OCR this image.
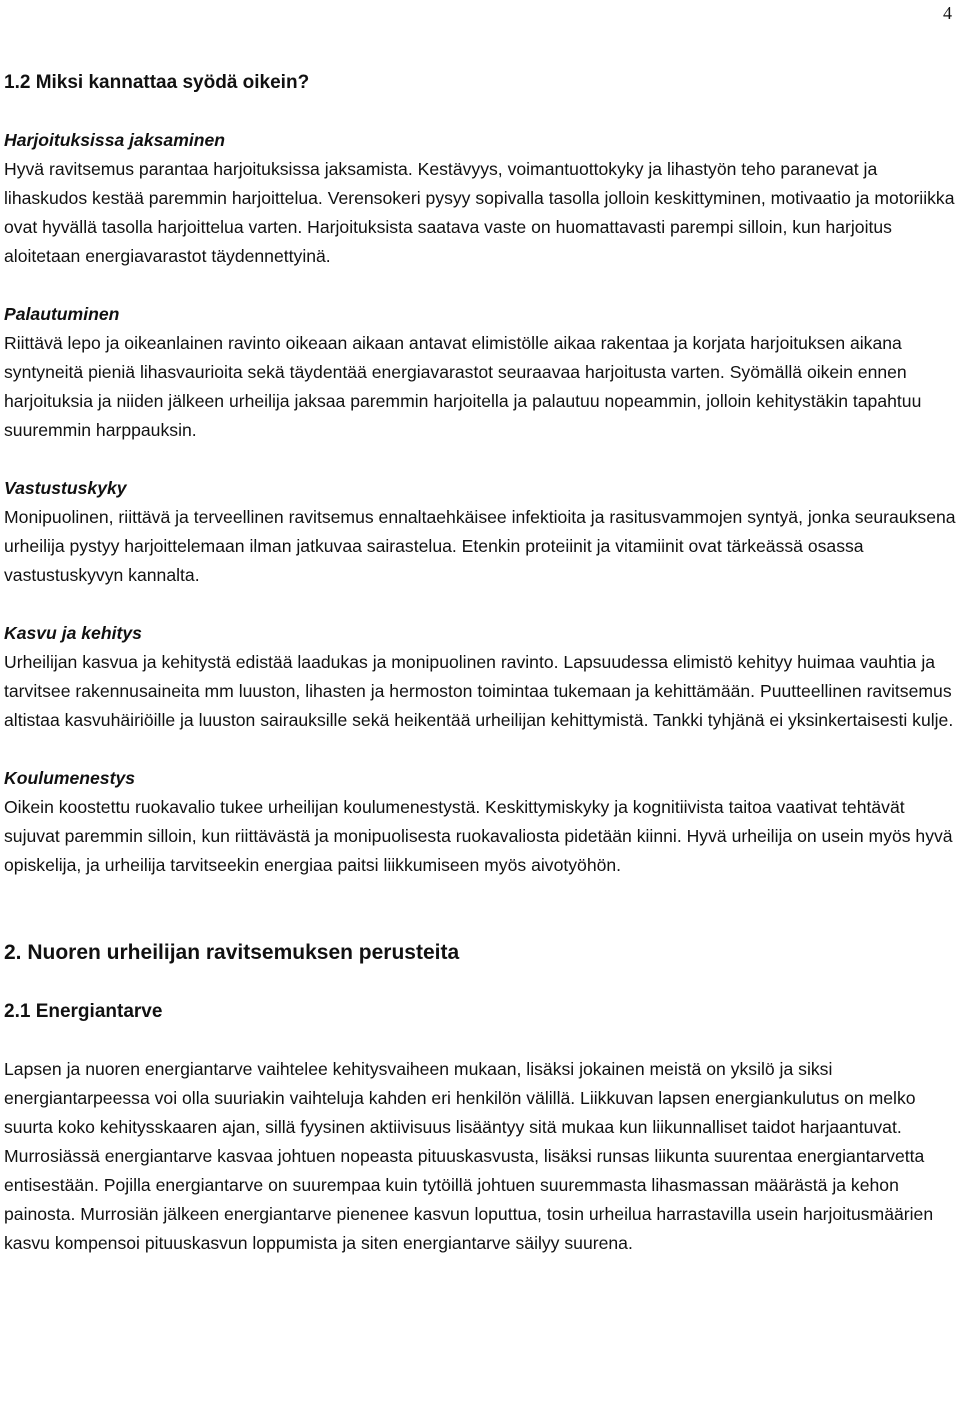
4
1.2 Miksi kannattaa syödä oikein?

Harjoituksissa jaksaminen

Hyvä ravitsemus parantaa harjoituksissa jaksamista. Kestävyys, voimantuottokyky ja lihastyön teho paranevat ja lihaskudos kestää paremmin harjoittelua. Verensokeri pysyy sopivalla tasolla jolloin keskittyminen, motivaatio ja motoriikka ovat hyvällä tasolla harjoittelua varten. Harjoituksista saatava vaste on huomattavasti parempi silloin, kun harjoitus aloitetaan energiavarastot täydennettyinä.

Palautuminen

Riittävä lepo ja oikeanlainen ravinto oikeaan aikaan antavat elimistölle aikaa rakentaa ja korjata harjoituksen aikana syntyneitä pieniä lihasvaurioita sekä täydentää energiavarastot seuraavaa harjoitusta varten. Syömällä oikein ennen harjoituksia ja niiden jälkeen urheilija jaksaa paremmin harjoitella ja palautuu nopeammin, jolloin kehitystäkin tapahtuu suuremmin harppauksin.

Vastustuskyky

Monipuolinen, riittävä ja terveellinen ravitsemus ennaltaehkäisee infektioita ja rasitusvammojen syntyä, jonka seurauksena urheilija pystyy harjoittelemaan ilman jatkuvaa sairastelua. Etenkin proteiinit ja vitamiinit ovat tärkeässä osassa vastustuskyvyn kannalta.

Kasvu ja kehitys

Urheilijan kasvua ja kehitystä edistää laadukas ja monipuolinen ravinto. Lapsuudessa elimistö kehityy huimaa vauhtia ja tarvitsee rakennusaineita mm luuston, lihasten ja hermoston toimintaa tukemaan ja kehittämään. Puutteellinen ravitsemus altistaa kasvuhäiriöille ja luuston sairauksille sekä heikentää urheilijan kehittymistä. Tankki tyhjänä ei yksinkertaisesti kulje.

Koulumenestys

Oikein koostettu ruokavalio tukee urheilijan koulumenestystä. Keskittymiskyky ja kognitiivista taitoa vaativat tehtävät sujuvat paremmin silloin, kun riittävästä ja monipuolisesta ruokavaliosta pidetään kiinni. Hyvä urheilija on usein myös hyvä opiskelija, ja urheilija tarvitseekin energiaa paitsi liikkumiseen myös aivotyöhön.

2. Nuoren urheilijan ravitsemuksen perusteita
2.1 Energiantarve

Lapsen ja nuoren energiantarve vaihtelee kehitysvaiheen mukaan, lisäksi jokainen meistä on yksilö ja siksi energiantarpeessa voi olla suuriakin vaihteluja kahden eri henkilön välillä. Liikkuvan lapsen energiankulutus on melko suurta koko kehitysskaaren ajan, sillä fyysinen aktiivisuus lisääntyy sitä mukaa kun liikunnalliset taidot harjaantuvat. Murrosiässä energiantarve kasvaa johtuen nopeasta pituuskasvusta, lisäksi runsas liikunta suurentaa energiantarvetta entisestään. Pojilla energiantarve on suurempaa kuin tytöillä johtuen suuremmasta lihasmassan määrästä ja kehon painosta. Murrosiän jälkeen energiantarve pienenee kasvun loputtua, tosin urheilua harrastavilla usein harjoitusmäärien kasvu kompensoi pituuskasvun loppumista ja siten energiantarve säilyy suurena.
